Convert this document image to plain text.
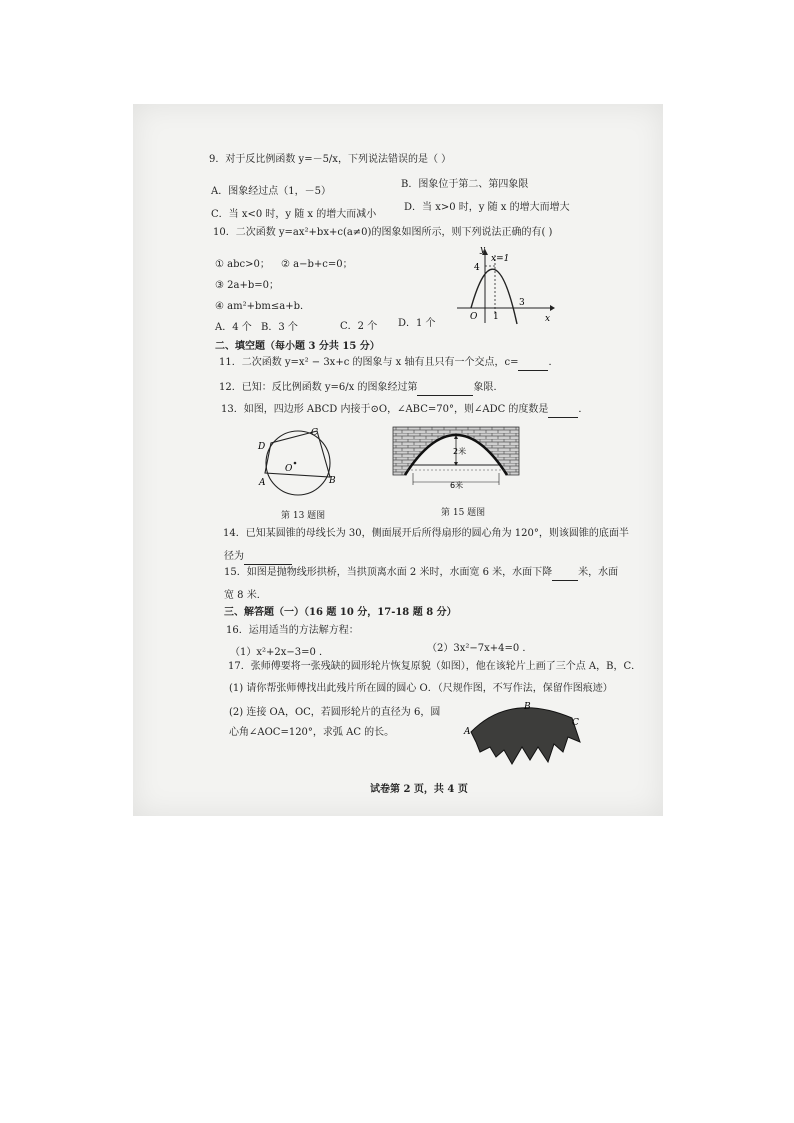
9．对于反比例函数 y=－5/x，下列说法错误的是（ ）
A．图象经过点（1，－5）
B．图象位于第二、第四象限
C．当 x<0 时，y 随 x 的增大而减小
D．当 x>0 时，y 随 x 的增大而增大
10．二次函数 y=ax²+bx+c(a≠0)的图象如图所示，则下列说法正确的有( )
① abc>0； ② a−b+c=0；
③ 2a+b=0；
④ am²+bm≤a+b．
A．4 个 B．3 个	C．2 个 D．1 个
4
x=1
x
y
O 1
3
二、填空题（每小题 3 分共 15 分）
11．二次函数 y=x² − 3x+c 的图象与 x 轴有且只有一个交点，c=	．
12．已知：反比例函数 y=6/x 的图象经过第	象限．
13．如图，四边形 ABCD 内接于⊙O，∠ABC=70°，则∠ADC 的度数是	．
A	B
C
D
O
第 13 题图
2米
6米
第 15 题图
14．已知某圆锥的母线长为 30，侧面展开后所得扇形的圆心角为 120°，则该圆锥的底面半
径为
15．如图是抛物线形拱桥，当拱顶离水面 2 米时，水面宽 6 米，水面下降	米，水面
宽 8 米．
三、解答题（一）（16 题 10 分，17-18 题 8 分）
16．运用适当的方法解方程：
（1）x²+2x−3=0 ．	（2）3x²−7x+4=0 ．
17．张师傅要将一张残缺的圆形轮片恢复原貌（如图），他在该轮片上画了三个点 A，B，C．
(1) 请你帮张师傅找出此残片所在圆的圆心 O．（尺规作图，不写作法，保留作图痕迹）
(2) 连接 OA，OC，若圆形轮片的直径为 6，圆
心角∠AOC=120°，求弧 AC 的长。	A
B
C
试卷第 2 页，共 4 页
